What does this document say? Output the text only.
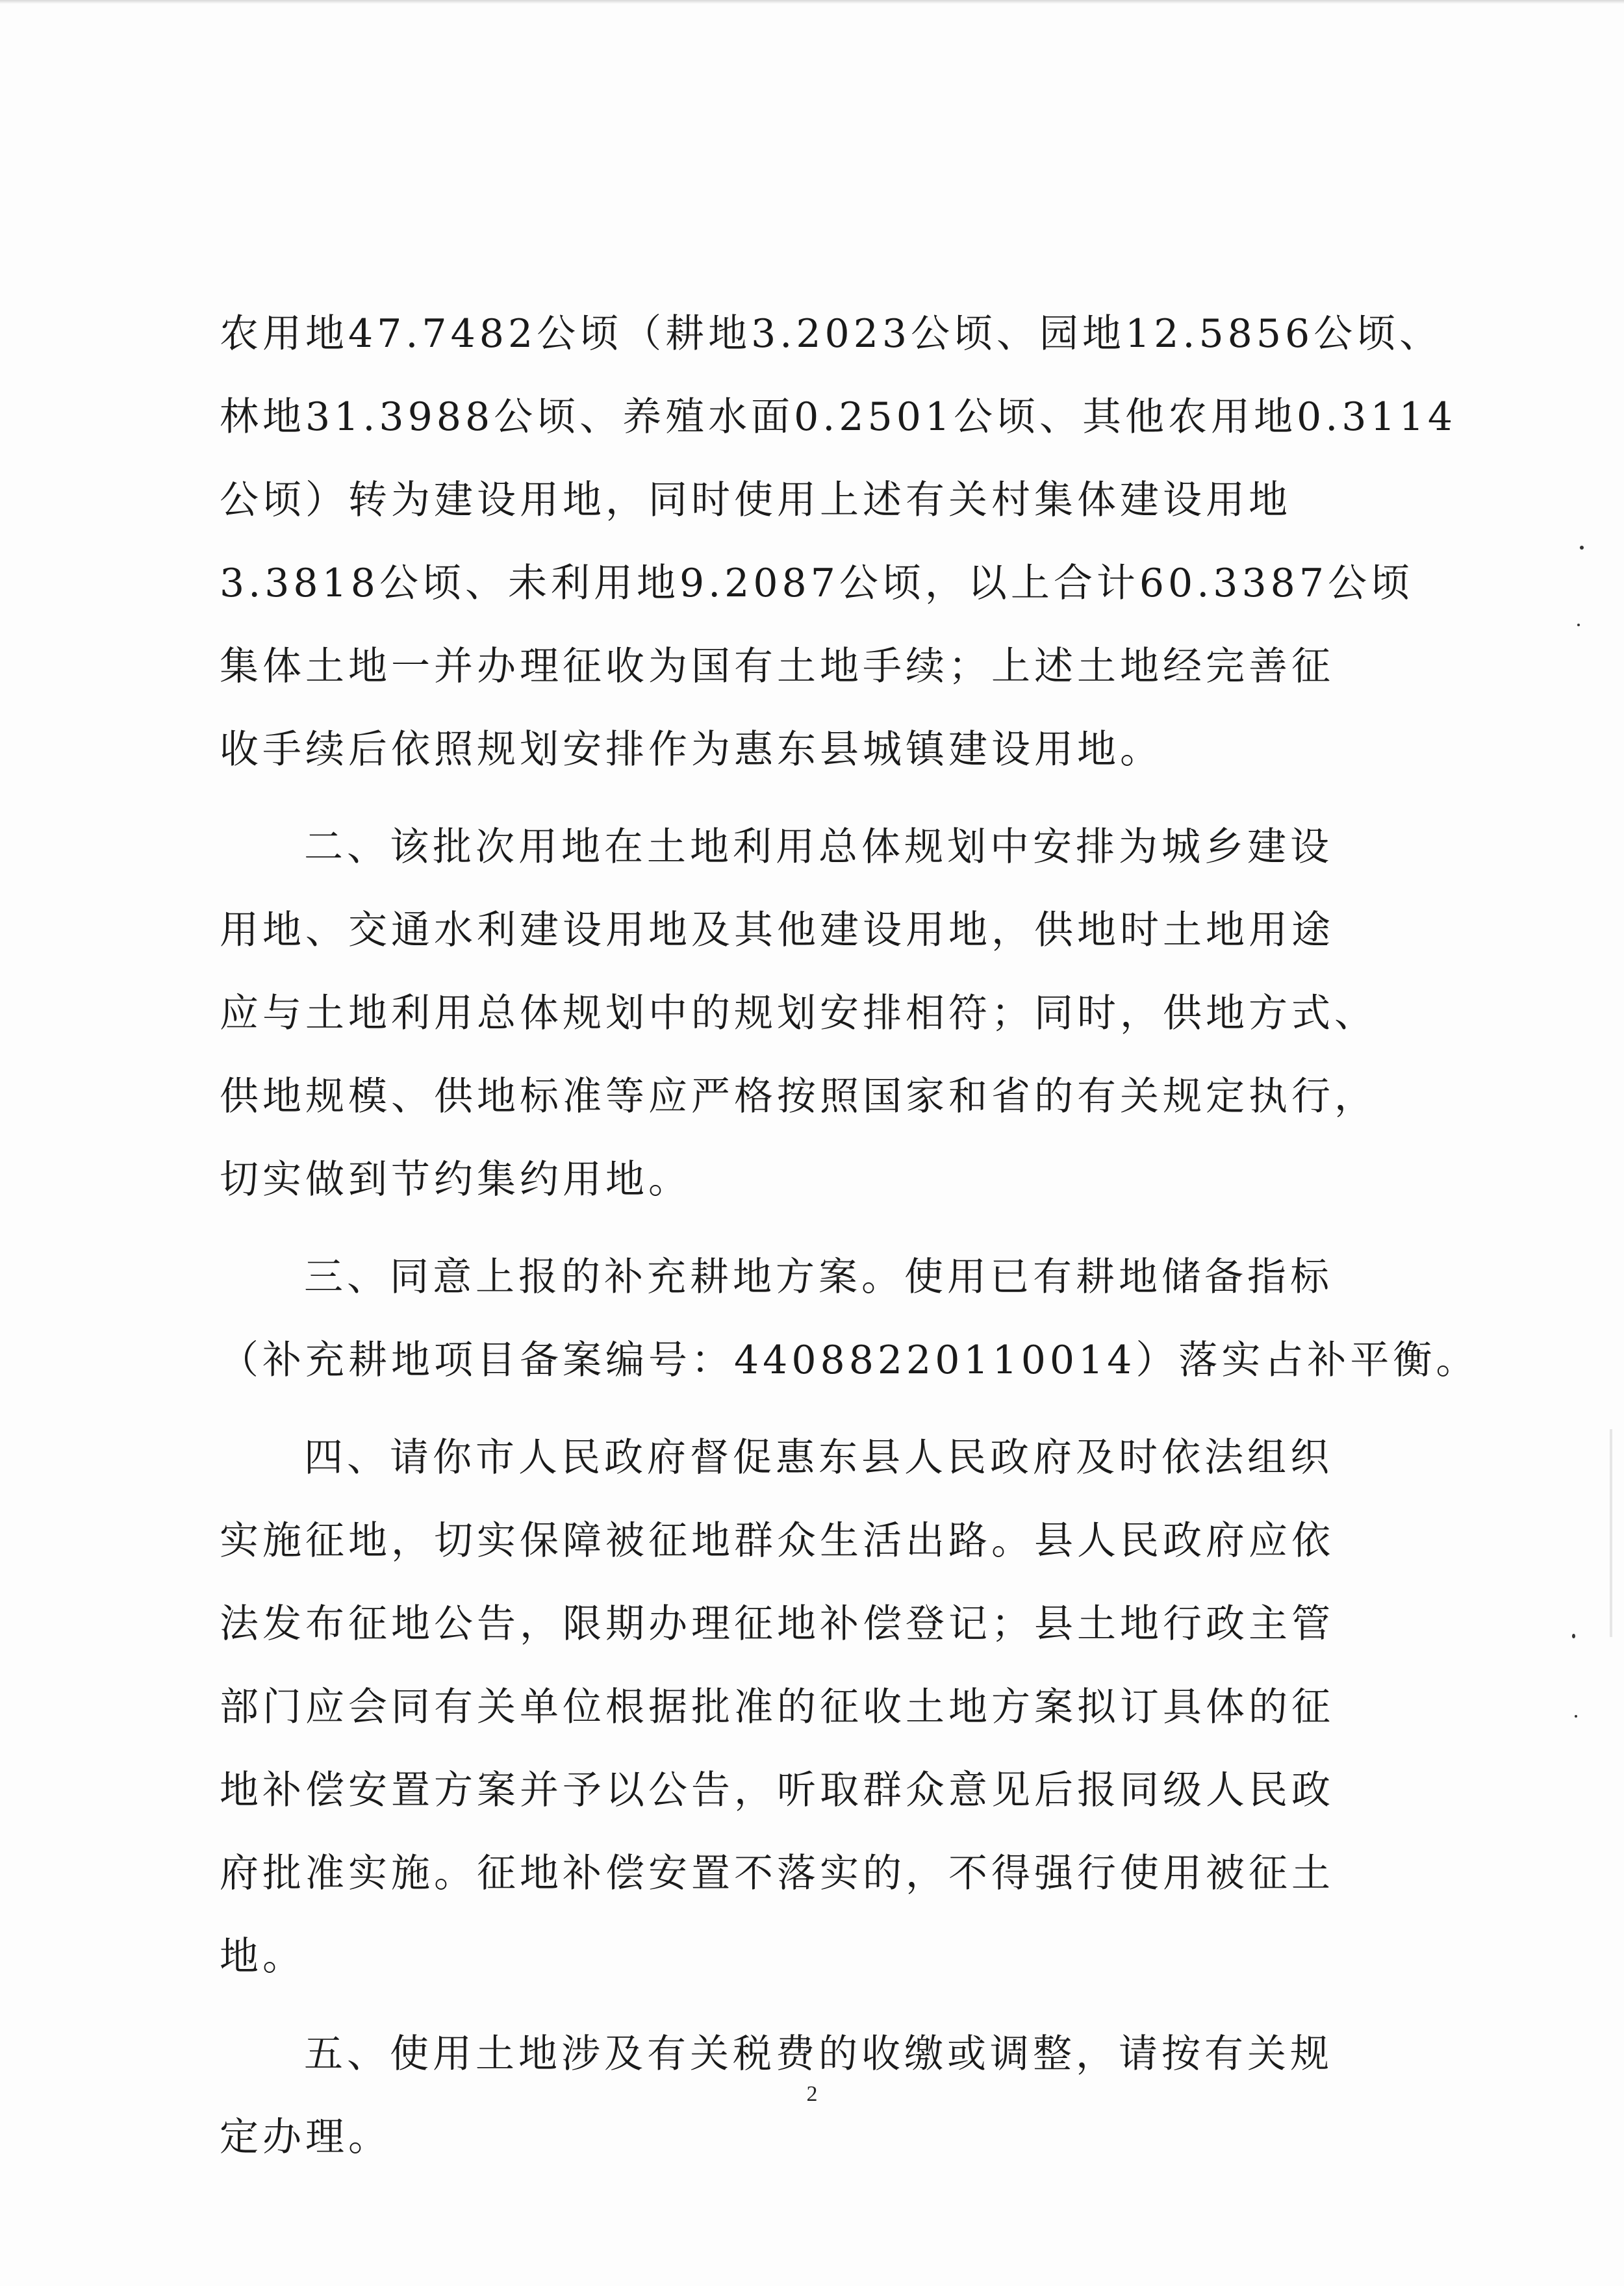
农用地47.7482公顷（耕地3.2023公顷、园地12.5856公顷、
林地31.3988公顷、养殖水面0.2501公顷、其他农用地0.3114
公顷）转为建设用地，同时使用上述有关村集体建设用地
3.3818公顷、未利用地9.2087公顷，以上合计60.3387公顷
集体土地一并办理征收为国有土地手续；上述土地经完善征
收手续后依照规划安排作为惠东县城镇建设用地。
二、该批次用地在土地利用总体规划中安排为城乡建设
用地、交通水利建设用地及其他建设用地，供地时土地用途
应与土地利用总体规划中的规划安排相符；同时，供地方式、
供地规模、供地标准等应严格按照国家和省的有关规定执行，
切实做到节约集约用地。
三、同意上报的补充耕地方案。使用已有耕地储备指标
（补充耕地项目备案编号：44088220110014）落实占补平衡。
四、请你市人民政府督促惠东县人民政府及时依法组织
实施征地，切实保障被征地群众生活出路。县人民政府应依
法发布征地公告，限期办理征地补偿登记；县土地行政主管
部门应会同有关单位根据批准的征收土地方案拟订具体的征
地补偿安置方案并予以公告，听取群众意见后报同级人民政
府批准实施。征地补偿安置不落实的，不得强行使用被征土
地。
五、使用土地涉及有关税费的收缴或调整，请按有关规
定办理。
2
